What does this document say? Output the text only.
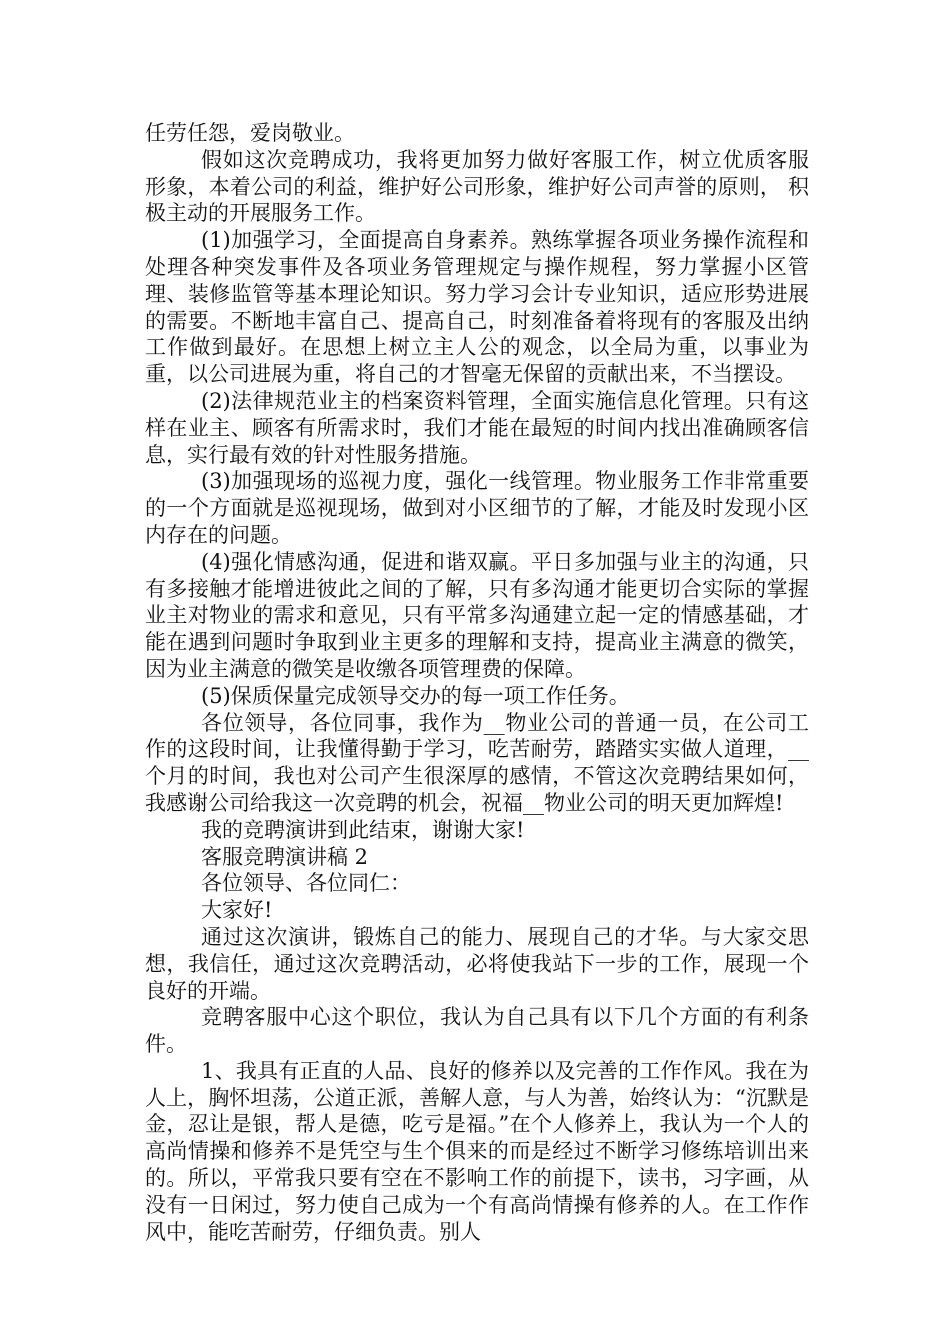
任劳任怨，爱岗敬业。

假如这次竞聘成功，我将更加努力做好客服工作，树立优质客服形象，本着公司的利益，维护好公司形象，维护好公司声誉的原则， 积极主动的开展服务工作。

(1)加强学习，全面提高自身素养。熟练掌握各项业务操作流程和处理各种突发事件及各项业务管理规定与操作规程，努力掌握小区管理、装修监管等基本理论知识。努力学习会计专业知识，适应形势进展的需要。不断地丰富自己、提高自己，时刻准备着将现有的客服及出纳工作做到最好。在思想上树立主人公的观念，以全局为重，以事业为重，以公司进展为重，将自己的才智毫无保留的贡献出来，不当摆设。

(2)法律规范业主的档案资料管理，全面实施信息化管理。只有这样在业主、顾客有所需求时，我们才能在最短的时间内找出准确顾客信息，实行最有效的针对性服务措施。

(3)加强现场的巡视力度，强化一线管理。物业服务工作非常重要的一个方面就是巡视现场，做到对小区细节的了解，才能及时发现小区内存在的问题。

(4)强化情感沟通，促进和谐双赢。平日多加强与业主的沟通，只有多接触才能增进彼此之间的了解，只有多沟通才能更切合实际的掌握业主对物业的需求和意见，只有平常多沟通建立起一定的情感基础，才能在遇到问题时争取到业主更多的理解和支持，提高业主满意的微笑，因为业主满意的微笑是收缴各项管理费的保障。

(5)保质保量完成领导交办的每一项工作任务。

各位领导，各位同事，我作为__物业公司的普通一员，在公司工作的这段时间，让我懂得勤于学习，吃苦耐劳，踏踏实实做人道理，__个月的时间，我也对公司产生很深厚的感情，不管这次竞聘结果如何，我感谢公司给我这一次竞聘的机会，祝福__物业公司的明天更加辉煌!

我的竞聘演讲到此结束，谢谢大家!

客服竞聘演讲稿 2

各位领导、各位同仁：

大家好!

通过这次演讲，锻炼自己的能力、展现自己的才华。与大家交思想，我信任，通过这次竞聘活动，必将使我站下一步的工作，展现一个良好的开端。

竞聘客服中心这个职位，我认为自己具有以下几个方面的有利条件。

1、我具有正直的人品、良好的修养以及完善的工作作风。我在为人上，胸怀坦荡，公道正派，善解人意，与人为善，始终认为：“沉默是金，忍让是银，帮人是德，吃亏是福。”在个人修养上，我认为一个人的高尚情操和修养不是凭空与生个俱来的而是经过不断学习修练培训出来的。所以，平常我只要有空在不影响工作的前提下，读书，习字画，从没有一日闲过，努力使自己成为一个有高尚情操有修养的人。在工作作风中，能吃苦耐劳，仔细负责。别人
